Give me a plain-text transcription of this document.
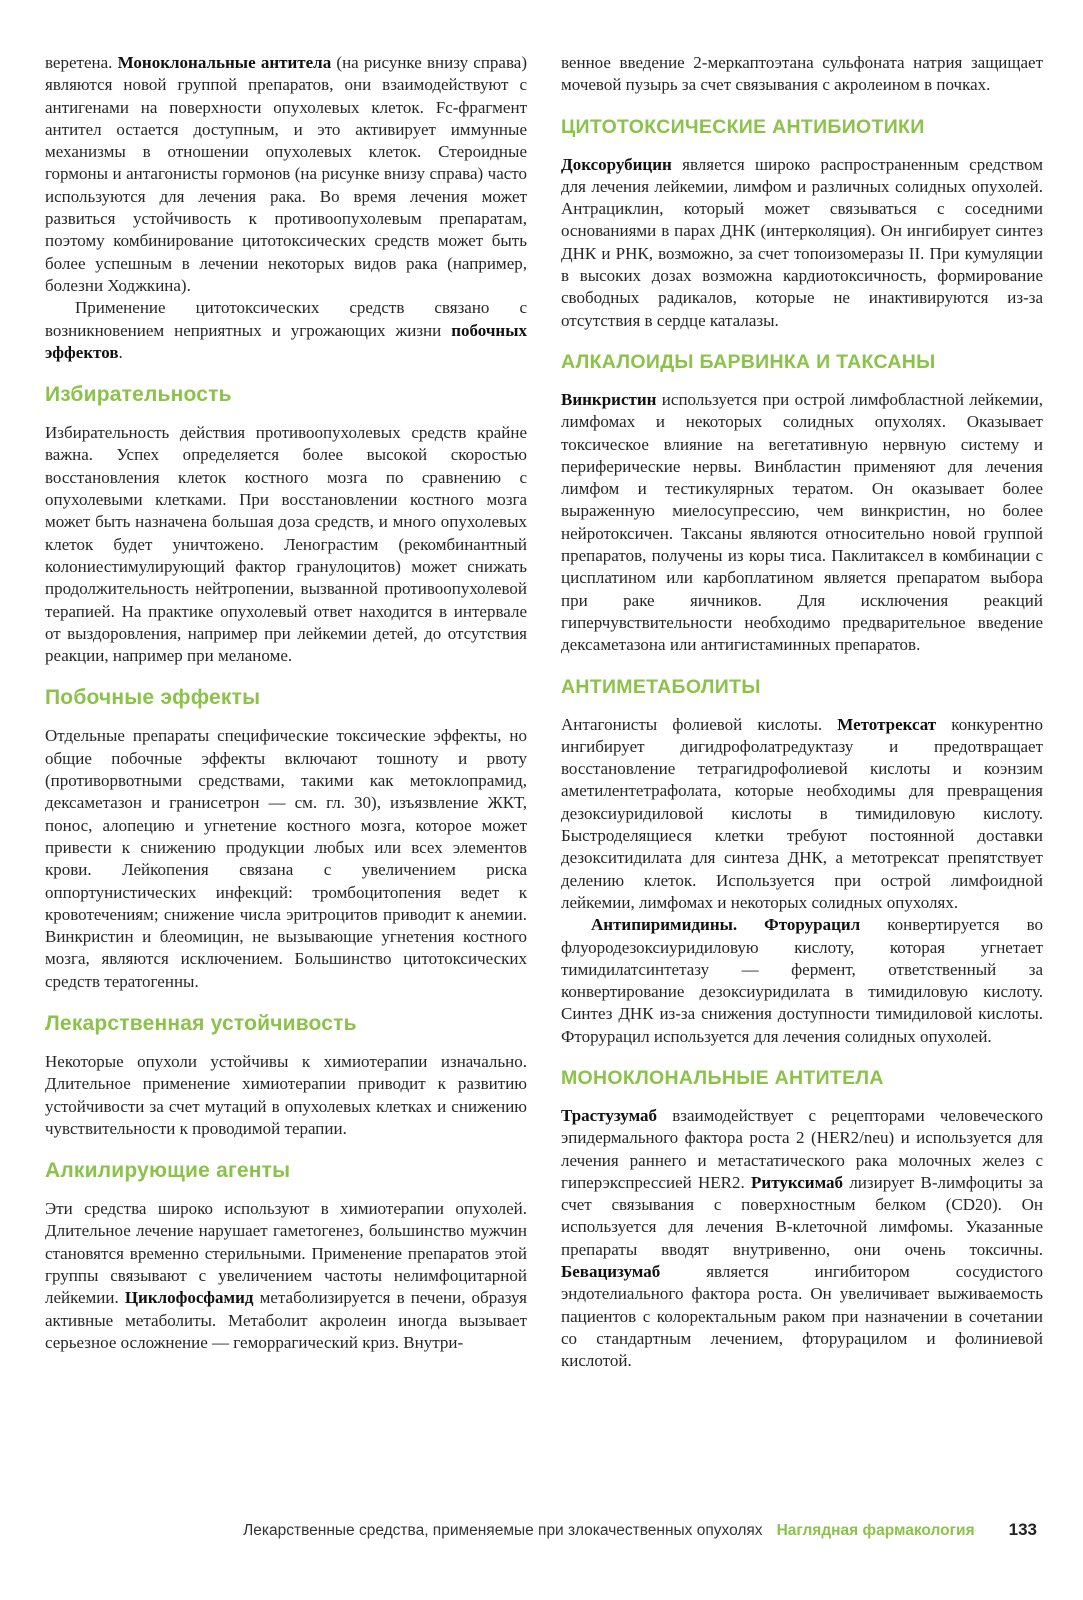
веретена. Моноклональные антитела (на рисунке внизу справа) являются новой группой препаратов, они взаимодействуют с антигенами на поверхности опухолевых клеток. Fc-фрагмент антител остается доступным, и это активирует иммунные механизмы в отношении опухолевых клеток. Стероидные гормоны и антагонисты гормонов (на рисунке внизу справа) часто используются для лечения рака. Во время лечения может развиться устойчивость к противоопухолевым препаратам, поэтому комбинирование цитотоксических средств может быть более успешным в лечении некоторых видов рака (например, болезни Ходжкина).

Применение цитотоксических средств связано с возникновением неприятных и угрожающих жизни побочных эффектов.

Избирательность

Избирательность действия противоопухолевых средств крайне важна. Успех определяется более высокой скоростью восстановления клеток костного мозга по сравнению с опухолевыми клетками. При восстановлении костного мозга может быть назначена большая доза средств, и много опухолевых клеток будет уничтожено. Ленограстим (рекомбинантный колониестимулирующий фактор гранулоцитов) может снижать продолжительность нейтропении, вызванной противоопухолевой терапией. На практике опухолевый ответ находится в интервале от выздоровления, например при лейкемии детей, до отсутствия реакции, например при меланоме.

Побочные эффекты

Отдельные препараты специфические токсические эффекты, но общие побочные эффекты включают тошноту и рвоту (противорвотными средствами, такими как метоклопрамид, дексаметазон и гранисетрон — см. гл. 30), изъязвление ЖКТ, понос, алопецию и угнетение костного мозга, которое может привести к снижению продукции любых или всех элементов крови. Лейкопения связана с увеличением риска оппортунистических инфекций: тромбоцитопения ведет к кровотечениям; снижение числа эритроцитов приводит к анемии. Винкристин и блеомицин, не вызывающие угнетения костного мозга, являются исключением. Большинство цитотоксических средств тератогенны.

Лекарственная устойчивость

Некоторые опухоли устойчивы к химиотерапии изначально. Длительное применение химиотерапии приводит к развитию устойчивости за счет мутаций в опухолевых клетках и снижению чувствительности к проводимой терапии.

Алкилирующие агенты

Эти средства широко используют в химиотерапии опухолей. Длительное лечение нарушает гаметогенез, большинство мужчин становятся временно стерильными. Применение препаратов этой группы связывают с увеличением частоты нелимфоцитарной лейкемии. Циклофосфамид метаболизируется в печени, образуя активные метаболиты. Метаболит акролеин иногда вызывает серьезное осложнение — геморрагический криз. Внутри-

венное введение 2-меркаптоэтана сульфоната натрия защищает мочевой пузырь за счет связывания с акролеином в почках.

ЦИТОТОКСИЧЕСКИЕ АНТИБИОТИКИ

Доксорубицин является широко распространенным средством для лечения лейкемии, лимфом и различных солидных опухолей. Антрациклин, который может связываться с соседними основаниями в парах ДНК (интерколяция). Он ингибирует синтез ДНК и РНК, возможно, за счет топоизомеразы II. При кумуляции в высоких дозах возможна кардиотоксичность, формирование свободных радикалов, которые не инактивируются из-за отсутствия в сердце каталазы.

АЛКАЛОИДЫ БАРВИНКА И ТАКСАНЫ

Винкристин используется при острой лимфобластной лейкемии, лимфомах и некоторых солидных опухолях. Оказывает токсическое влияние на вегетативную нервную систему и периферические нервы. Винбластин применяют для лечения лимфом и тестикулярных тератом. Он оказывает более выраженную миелосупрессию, чем винкристин, но более нейротоксичен. Таксаны являются относительно новой группой препаратов, получены из коры тиса. Паклитаксел в комбинации с цисплатином или карбоплатином является препаратом выбора при раке яичников. Для исключения реакций гиперчувствительности необходимо предварительное введение дексаметазона или антигистаминных препаратов.

АНТИМЕТАБОЛИТЫ

Антагонисты фолиевой кислоты. Метотрексат конкурентно ингибирует дигидрофолатредуктазу и предотвращает восстановление тетрагидрофолиевой кислоты и коэнзим аметилентетрафолата, которые необходимы для превращения дезоксиуридиловой кислоты в тимидиловую кислоту. Быстроделящиеся клетки требуют постоянной доставки дезокситидилата для синтеза ДНК, а метотрексат препятствует делению клеток. Используется при острой лимфоидной лейкемии, лимфомах и некоторых солидных опухолях.

Антипиримидины. Фторурацил конвертируется во флуородезоксиуридиловую кислоту, которая угнетает тимидилатсинтетазу — фермент, ответственный за конвертирование дезоксиуридилата в тимидиловую кислоту. Синтез ДНК из-за снижения доступности тимидиловой кислоты. Фторурацил используется для лечения солидных опухолей.

МОНОКЛОНАЛЬНЫЕ АНТИТЕЛА

Трастузумаб взаимодействует с рецепторами человеческого эпидермального фактора роста 2 (HER2/neu) и используется для лечения раннего и метастатического рака молочных желез с гиперэкспрессией HER2. Ритуксимаб лизирует В-лимфоциты за счет связывания с поверхностным белком (CD20). Он используется для лечения В-клеточной лимфомы. Указанные препараты вводят внутривенно, они очень токсичны. Бевацизумаб является ингибитором сосудистого эндотелиального фактора роста. Он увеличивает выживаемость пациентов с колоректальным раком при назначении в сочетании со стандартным лечением, фторурацилом и фолиниевой кислотой.

Лекарственные средства, применяемые при злокачественных опухолях Наглядная фармакология 133
